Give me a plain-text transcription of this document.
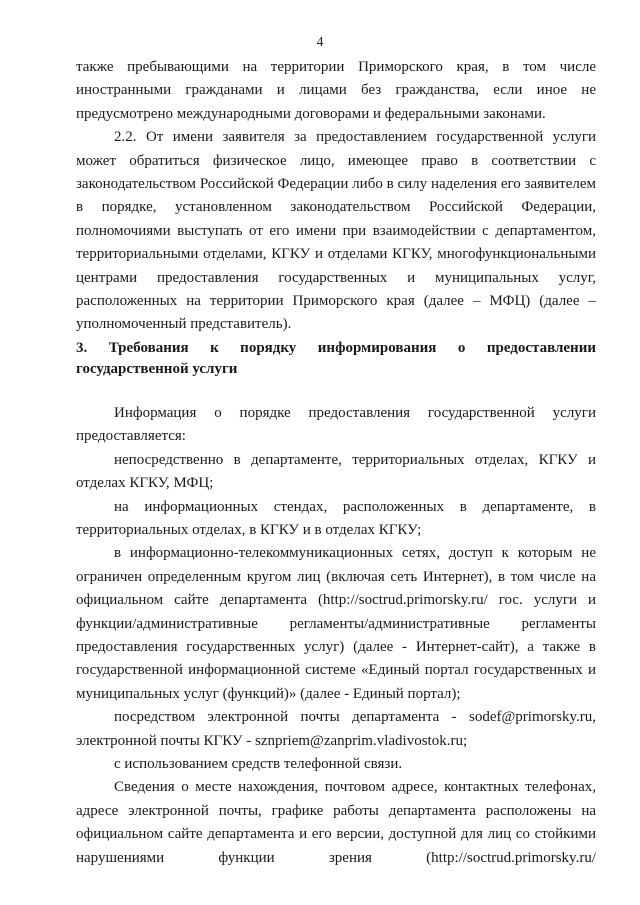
4

также пребывающими на территории Приморского края, в том числе иностранными гражданами и лицами без гражданства, если иное не предусмотрено международными договорами и федеральными законами.

2.2. От имени заявителя за предоставлением государственной услуги может обратиться физическое лицо, имеющее право в соответствии с законодательством Российской Федерации либо в силу наделения его заявителем в порядке, установленном законодательством Российской Федерации, полномочиями выступать от его имени при взаимодействии с департаментом, территориальными отделами, КГКУ и отделами КГКУ, многофункциональными центрами предоставления государственных и муниципальных услуг, расположенных на территории Приморского края (далее – МФЦ) (далее – уполномоченный представитель).

3. Требования к порядку информирования о предоставлении государственной услуги

Информация о порядке предоставления государственной услуги предоставляется:

непосредственно в департаменте, территориальных отделах, КГКУ и отделах КГКУ, МФЦ;

на информационных стендах, расположенных в департаменте, в территориальных отделах, в КГКУ и в отделах КГКУ;

в информационно-телекоммуникационных сетях, доступ к которым не ограничен определенным кругом лиц (включая сеть Интернет), в том числе на официальном сайте департамента (http://soctrud.primorsky.ru/ гос. услуги и функции/административные регламенты/административные регламенты предоставления государственных услуг) (далее - Интернет-сайт), а также в государственной информационной системе «Единый портал государственных и муниципальных услуг (функций)» (далее - Единый портал);

посредством электронной почты департамента - sodef@primorsky.ru, электронной почты КГКУ - sznpriem@zanprim.vladivostok.ru;

с использованием средств телефонной связи.

Сведения о месте нахождения, почтовом адресе, контактных телефонах, адресе электронной почты, графике работы департамента расположены на официальном сайте департамента и его версии, доступной для лиц со стойкими нарушениями функции зрения (http://soctrud.primorsky.ru/
